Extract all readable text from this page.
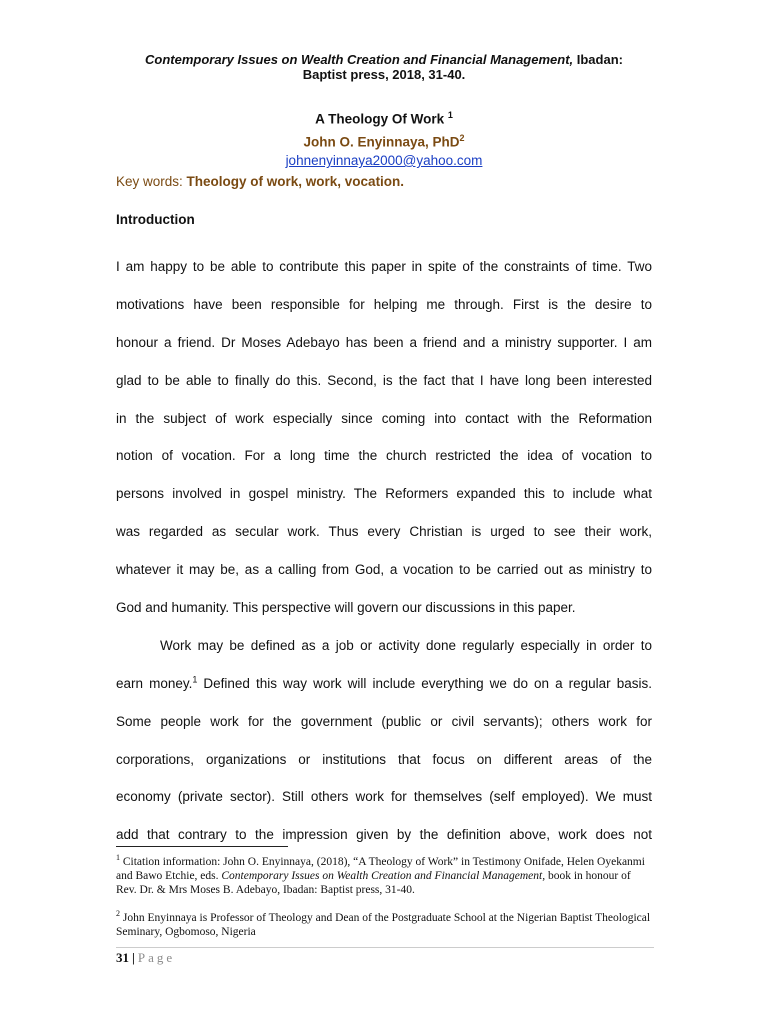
Contemporary Issues on Wealth Creation and Financial Management, Ibadan:
Baptist press, 2018, 31-40.
A Theology Of Work $^1$
John O. Enyinnaya, PhD$^2$
johnenyinnaya2000@yahoo.com
Key words: Theology of work, work, vocation.
Introduction
I am happy to be able to contribute this paper in spite of the constraints of time. Two
motivations have been responsible for helping me through. First is the desire to
honour a friend. Dr Moses Adebayo has been a friend and a ministry supporter. I am
glad to be able to finally do this. Second, is the fact that I have long been interested
in the subject of work especially since coming into contact with the Reformation
notion of vocation. For a long time the church restricted the idea of vocation to
persons involved in gospel ministry. The Reformers expanded this to include what
was regarded as secular work. Thus every Christian is urged to see their work,
whatever it may be, as a calling from God, a vocation to be carried out as ministry to
God and humanity. This perspective will govern our discussions in this paper.
Work may be defined as a job or activity done regularly especially in order to
earn money.$^1$ Defined this way work will include everything we do on a regular basis.
Some people work for the government (public or civil servants); others work for
corporations, organizations or institutions that focus on different areas of the
economy (private sector). Still others work for themselves (self employed). We must
add that contrary to the impression given by the definition above, work does not

$^1$ Citation information: John O. Enyinnaya, (2018), “A Theology of Work” in Testimony Onifade, Helen Oyekanmi and Bawo Etchie, eds. Contemporary Issues on Wealth Creation and Financial Management, book in honour of Rev. Dr. & Mrs Moses B. Adebayo, Ibadan: Baptist press, 31-40.

$^2$ John Enyinnaya is Professor of Theology and Dean of the Postgraduate School at the Nigerian Baptist Theological Seminary, Ogbomoso, Nigeria

31 | Page
